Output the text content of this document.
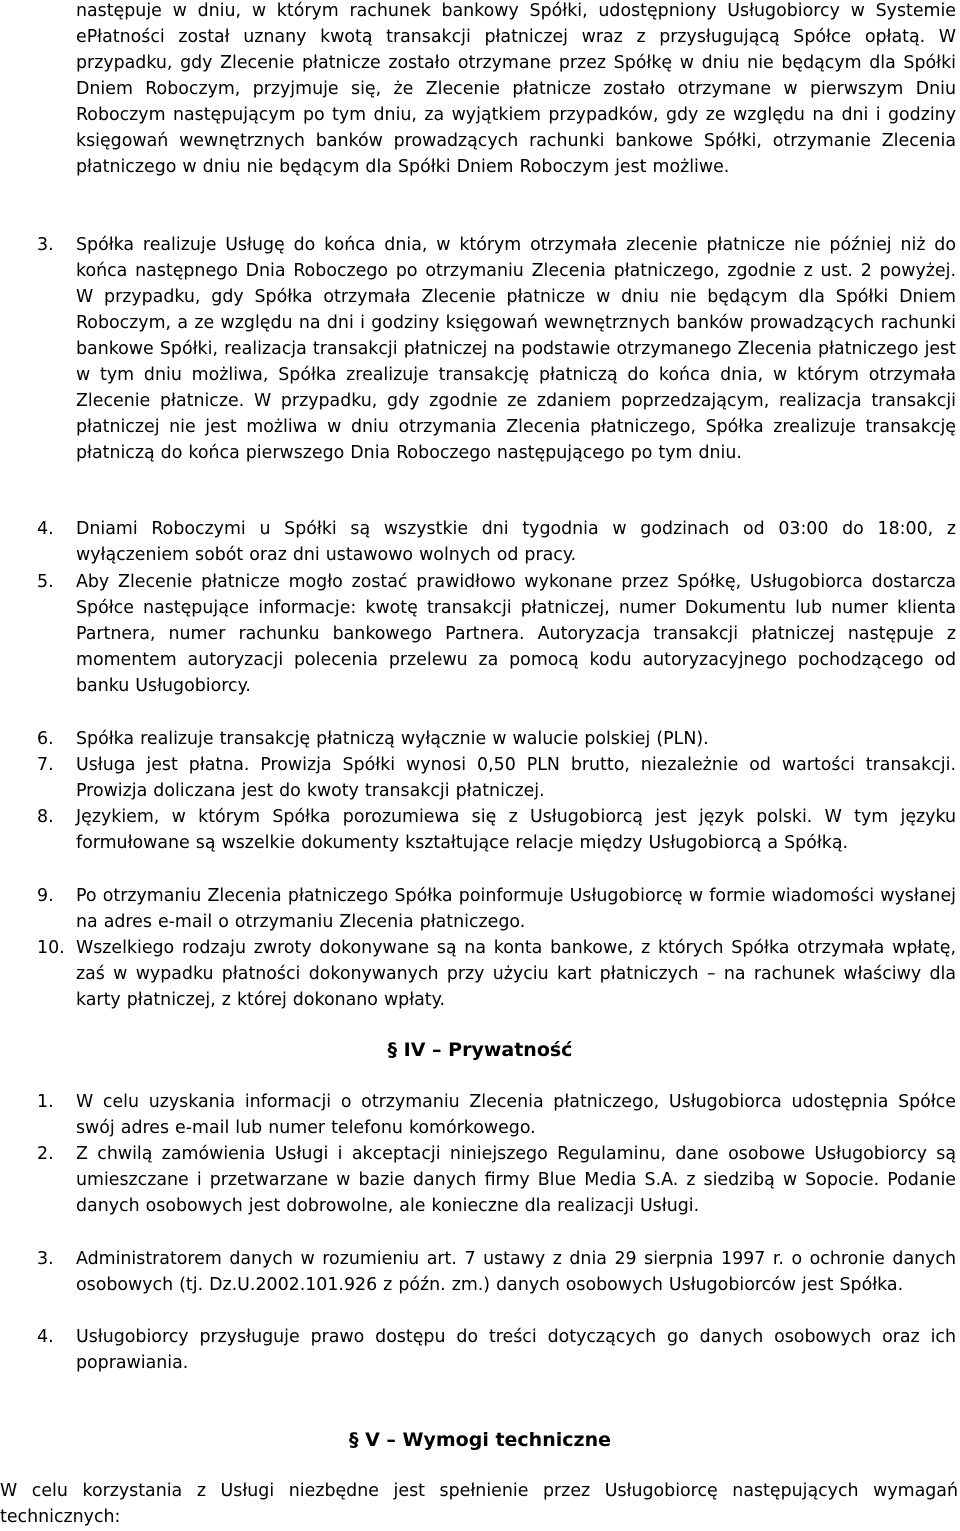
następuje w dniu, w którym rachunek bankowy Spółki, udostępniony Usługobiorcy w Systemie ePłatności został uznany kwotą transakcji płatniczej wraz z przysługującą Spółce opłatą. W przypadku, gdy Zlecenie płatnicze zostało otrzymane przez Spółkę w dniu nie będącym dla Spółki Dniem Roboczym, przyjmuje się, że Zlecenie płatnicze zostało otrzymane w pierwszym Dniu Roboczym następującym po tym dniu, za wyjątkiem przypadków, gdy ze względu na dni i godziny księgowań wewnętrznych banków prowadzących rachunki bankowe Spółki, otrzymanie Zlecenia płatniczego w dniu nie będącym dla Spółki Dniem Roboczym jest możliwe.
3.	Spółka realizuje Usługę do końca dnia, w którym otrzymała zlecenie płatnicze nie później niż do końca następnego Dnia Roboczego po otrzymaniu Zlecenia płatniczego, zgodnie z ust. 2 powyżej. W przypadku, gdy Spółka otrzymała Zlecenie płatnicze w dniu nie będącym dla Spółki Dniem Roboczym, a ze względu na dni i godziny księgowań wewnętrznych banków prowadzących rachunki bankowe Spółki, realizacja transakcji płatniczej na podstawie otrzymanego Zlecenia płatniczego jest w tym dniu możliwa, Spółka zrealizuje transakcję płatniczą do końca dnia, w którym otrzymała Zlecenie płatnicze. W przypadku, gdy zgodnie ze zdaniem poprzedzającym, realizacja transakcji płatniczej nie jest możliwa w dniu otrzymania Zlecenia płatniczego, Spółka zrealizuje transakcję płatniczą do końca pierwszego Dnia Roboczego następującego po tym dniu.
4.	Dniami Roboczymi u Spółki są wszystkie dni tygodnia w godzinach od 03:00 do 18:00, z wyłączeniem sobót oraz dni ustawowo wolnych od pracy.
5.	Aby Zlecenie płatnicze mogło zostać prawidłowo wykonane przez Spółkę, Usługobiorca dostarcza Spółce następujące informacje: kwotę transakcji płatniczej, numer Dokumentu lub numer klienta Partnera, numer rachunku bankowego Partnera. Autoryzacja transakcji płatniczej następuje z momentem autoryzacji polecenia przelewu za pomocą kodu autoryzacyjnego pochodzącego od banku Usługobiorcy.
6.	Spółka realizuje transakcję płatniczą wyłącznie w walucie polskiej (PLN).
7.	Usługa jest płatna. Prowizja Spółki wynosi 0,50 PLN brutto, niezależnie od wartości transakcji. Prowizja doliczana jest do kwoty transakcji płatniczej.
8.	Językiem, w którym Spółka porozumiewa się z Usługobiorcą jest język polski. W tym języku formułowane są wszelkie dokumenty kształtujące relacje między Usługobiorcą a Spółką.
9.	Po otrzymaniu Zlecenia płatniczego Spółka poinformuje Usługobiorcę w formie wiadomości wysłanej na adres e-mail o otrzymaniu Zlecenia płatniczego.
10. Wszelkiego rodzaju zwroty dokonywane są na konta bankowe, z których Spółka otrzymała wpłatę, zaś w wypadku płatności dokonywanych przy użyciu kart płatniczych – na rachunek właściwy dla karty płatniczej, z której dokonano wpłaty.
§ IV – Prywatność
1.	W celu uzyskania informacji o otrzymaniu Zlecenia płatniczego, Usługobiorca udostępnia Spółce swój adres e-mail lub numer telefonu komórkowego.
2.	Z chwilą zamówienia Usługi i akceptacji niniejszego Regulaminu, dane osobowe Usługobiorcy są umieszczane i przetwarzane w bazie danych firmy Blue Media S.A. z siedzibą w Sopocie. Podanie danych osobowych jest dobrowolne, ale konieczne dla realizacji Usługi.
3.	Administratorem danych w rozumieniu art. 7 ustawy z dnia 29 sierpnia 1997 r. o ochronie danych osobowych (tj. Dz.U.2002.101.926 z późn. zm.) danych osobowych Usługobiorców jest Spółka.
4.	Usługobiorcy przysługuje prawo dostępu do treści dotyczących go danych osobowych oraz ich poprawiania.
§ V – Wymogi techniczne
W celu korzystania z Usługi niezbędne jest spełnienie przez Usługobiorcę następujących wymagań technicznych:
